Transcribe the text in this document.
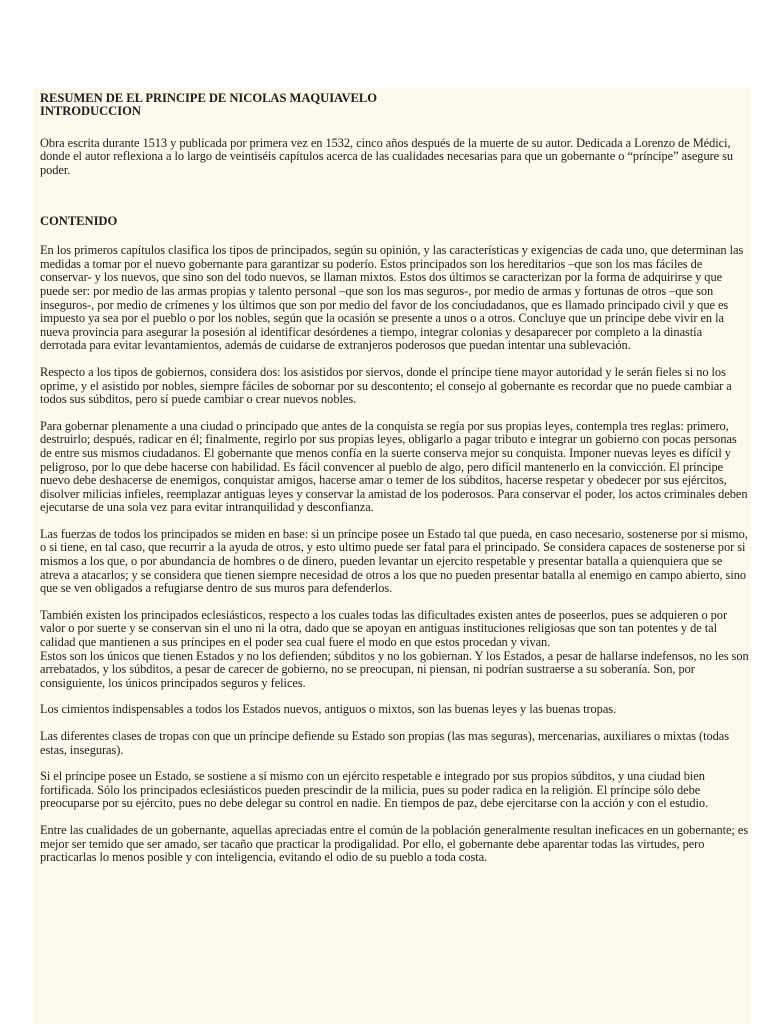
RESUMEN DE EL PRINCIPE DE NICOLAS MAQUIAVELO
INTRODUCCION

Obra escrita durante 1513 y publicada por primera vez en 1532, cinco años después de la muerte de su autor. Dedicada a Lorenzo de Médici, donde el autor reflexiona a lo largo de veintiséis capítulos acerca de las cualidades necesarias para que un gobernante o “príncipe” asegure su poder.

CONTENIDO

En los primeros capítulos clasifica los tipos de principados, según su opinión, y las características y exigencias de cada uno, que determinan las medidas a tomar por el nuevo gobernante para garantizar su poderío. Estos principados son los hereditarios –que son los mas fáciles de conservar- y los nuevos, que sino son del todo nuevos, se llaman mixtos. Estos dos últimos se caracterizan por la forma de adquirirse y que puede ser: por medio de las armas propias y talento personal –que son los mas seguros-, por medio de armas y fortunas de otros –que son inseguros-, por medio de crímenes y los últimos que son por medio del favor de los conciudadanos, que es llamado principado civil y que es impuesto ya sea por el pueblo o por los nobles, según que la ocasión se presente a unos o a otros. Concluye que un príncipe debe vivir en la nueva provincia para asegurar la posesión al identificar desórdenes a tiempo, integrar colonias y desaparecer por completo a la dinastía derrotada para evitar levantamientos, además de cuidarse de extranjeros poderosos que puedan intentar una sublevación.

Respecto a los tipos de gobiernos, considera dos: los asistidos por siervos, donde el príncipe tiene mayor autoridad y le serán fieles si no los oprime, y el asistido por nobles, siempre fáciles de sobornar por su descontento; el consejo al gobernante es recordar que no puede cambiar a todos sus súbditos, pero sí puede cambiar o crear nuevos nobles.

Para gobernar plenamente a una ciudad o principado que antes de la conquista se regía por sus propias leyes, contempla tres reglas: primero, destruirlo; después, radicar en él; finalmente, regirlo por sus propias leyes, obligarlo a pagar tributo e integrar un gobierno con pocas personas de entre sus mismos ciudadanos. El gobernante que menos confía en la suerte conserva mejor su conquista. Imponer nuevas leyes es difícil y peligroso, por lo que debe hacerse con habilidad. Es fácil convencer al pueblo de algo, pero difícil mantenerlo en la convicción. El príncipe nuevo debe deshacerse de enemigos, conquistar amigos, hacerse amar o temer de los súbditos, hacerse respetar y obedecer por sus ejércitos, disolver milicias infieles, reemplazar antiguas leyes y conservar la amistad de los poderosos. Para conservar el poder, los actos criminales deben ejecutarse de una sola vez para evitar intranquilidad y desconfianza.

Las fuerzas de todos los principados se miden en base: si un príncipe posee un Estado tal que pueda, en caso necesario, sostenerse por si mismo, o si tiene, en tal caso, que recurrir a la ayuda de otros, y esto ultimo puede ser fatal para el principado. Se considera capaces de sostenerse por si mismos a los que, o por abundancia de hombres o de dinero, pueden levantar un ejercito respetable y presentar batalla a quienquiera que se atreva a atacarlos; y se considera que tienen siempre necesidad de otros a los que no pueden presentar batalla al enemigo en campo abierto, sino que se ven obligados a refugiarse dentro de sus muros para defenderlos.

También existen los principados eclesiásticos, respecto a los cuales todas las dificultades existen antes de poseerlos, pues se adquieren o por valor o por suerte y se conservan sin el uno ni la otra, dado que se apoyan en antiguas instituciones religiosas que son tan potentes y de tal calidad que mantienen a sus príncipes en el poder sea cual fuere el modo en que estos procedan y vivan.

Estos son los únicos que tienen Estados y no los defienden; súbditos y no los gobiernan. Y los Estados, a pesar de hallarse indefensos, no les son arrebatados, y los súbditos, a pesar de carecer de gobierno, no se preocupan, ni piensan, ni podrían sustraerse a su soberanía. Son, por consiguiente, los únicos principados seguros y felices.

Los cimientos indispensables a todos los Estados nuevos, antiguos o mixtos, son las buenas leyes y las buenas tropas.

Las diferentes clases de tropas con que un príncipe defiende su Estado son propias (las mas seguras), mercenarias, auxiliares o mixtas (todas estas, inseguras).

Si el príncipe posee un Estado, se sostiene a sí mismo con un ejército respetable e integrado por sus propios súbditos, y una ciudad bien fortificada. Sólo los principados eclesiásticos pueden prescindir de la milicia, pues su poder radica en la religión. El príncipe sólo debe preocuparse por su ejército, pues no debe delegar su control en nadie. En tiempos de paz, debe ejercitarse con la acción y con el estudio.

Entre las cualidades de un gobernante, aquellas apreciadas entre el común de la población generalmente resultan ineficaces en un gobernante; es mejor ser temido que ser amado, ser tacaño que practicar la prodigalidad. Por ello, el gobernante debe aparentar todas las virtudes, pero practicarlas lo menos posible y con inteligencia, evitando el odio de su pueblo a toda costa.
